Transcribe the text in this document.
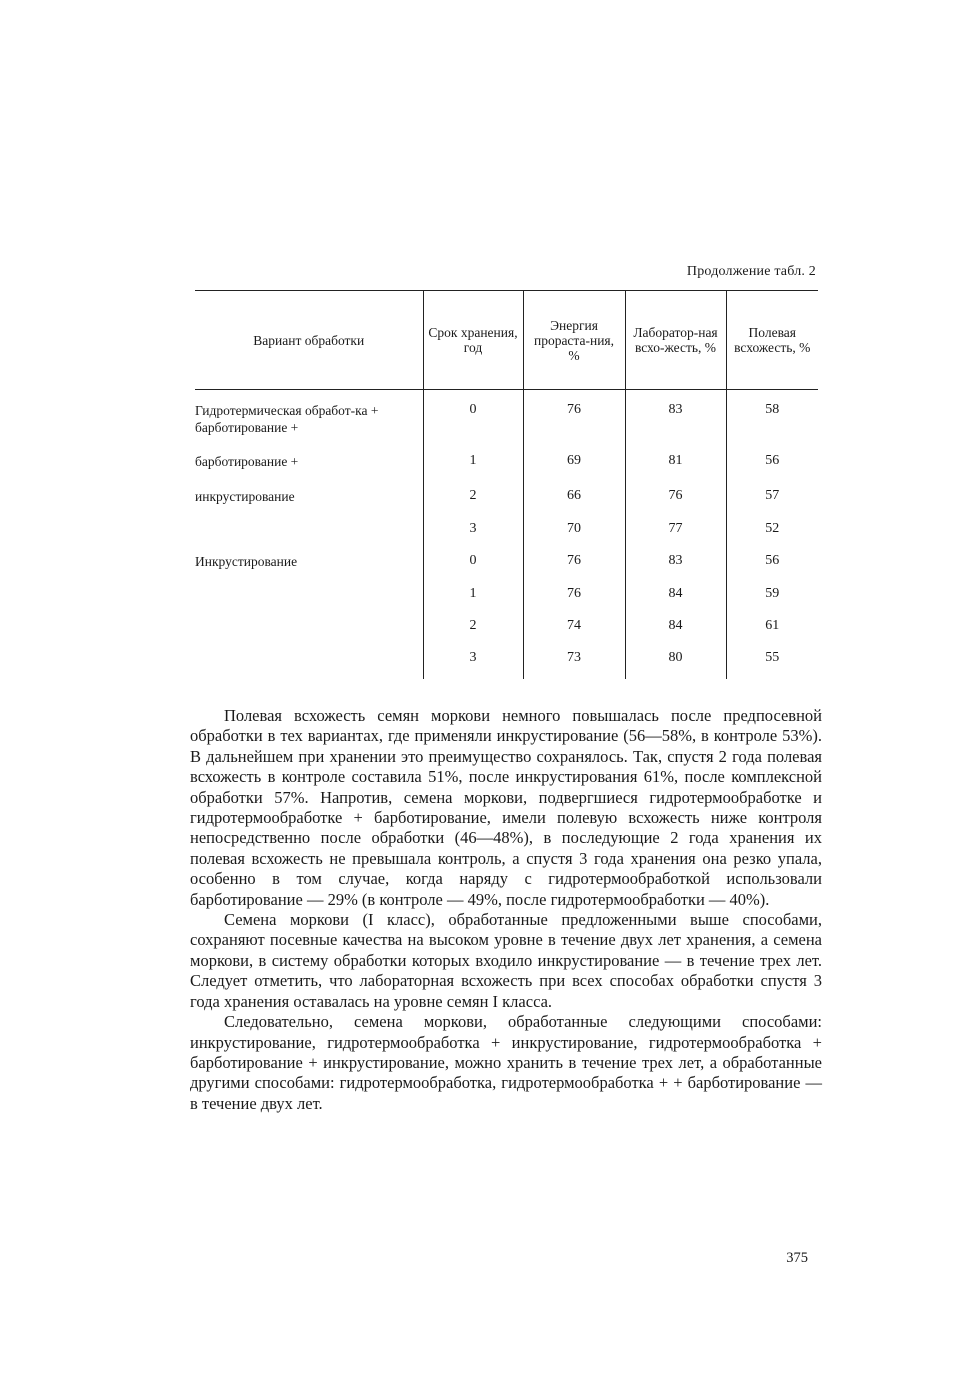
Продолжение табл. 2
Вариант обработки	Срок хранения, год	Энергия прораста-ния, %	Лаборатор-ная всхо-жесть, %	Полевая всхожесть, %
Гидротермическая обработ-ка + барботирование +	0	76	83	58
барботирование +	1	69	81	56
инкрустирование	2	66	76	57
	3	70	77	52
Инкрустирование	0	76	83	56
	1	76	84	59
	2	74	84	61
	3	73	80	55

Полевая всхожесть семян моркови немного повышалась после предпосевной обработки в тех вариантах, где применяли инкрустирование (56—58%, в контроле 53%). В дальнейшем при хранении это преимущество сохранялось. Так, спустя 2 года полевая всхожесть в контроле составила 51%, после инкрустирования 61%, после комплексной обработки 57%. Напротив, семена моркови, подвергшиеся гидротермообработке и гидротермообработке + барботирование, имели полевую всхожесть ниже контроля непосредственно после обработки (46—48%), в последующие 2 года хранения их полевая всхожесть не превышала контроль, а спустя 3 года хранения она резко упала, особенно в том случае, когда наряду с гидротермообработкой использовали барботирование — 29% (в контроле — 49%, после гидротермообработки — 40%).

Семена моркови (I класс), обработанные предложенными выше способами, сохраняют посевные качества на высоком уровне в течение двух лет хранения, а семена моркови, в систему обработки которых входило инкрустирование — в течение трех лет. Следует отметить, что лабораторная всхожесть при всех способах обработки спустя 3 года хранения оставалась на уровне семян I класса.

Следовательно, семена моркови, обработанные следующими способами: инкрустирование, гидротермообработка + инкрустирование, гидротермообработка + барботирование + инкрустирование, можно хранить в течение трех лет, а обработанные другими способами: гидротермообработка, гидротермообработка + + барботирование — в течение двух лет.

375
